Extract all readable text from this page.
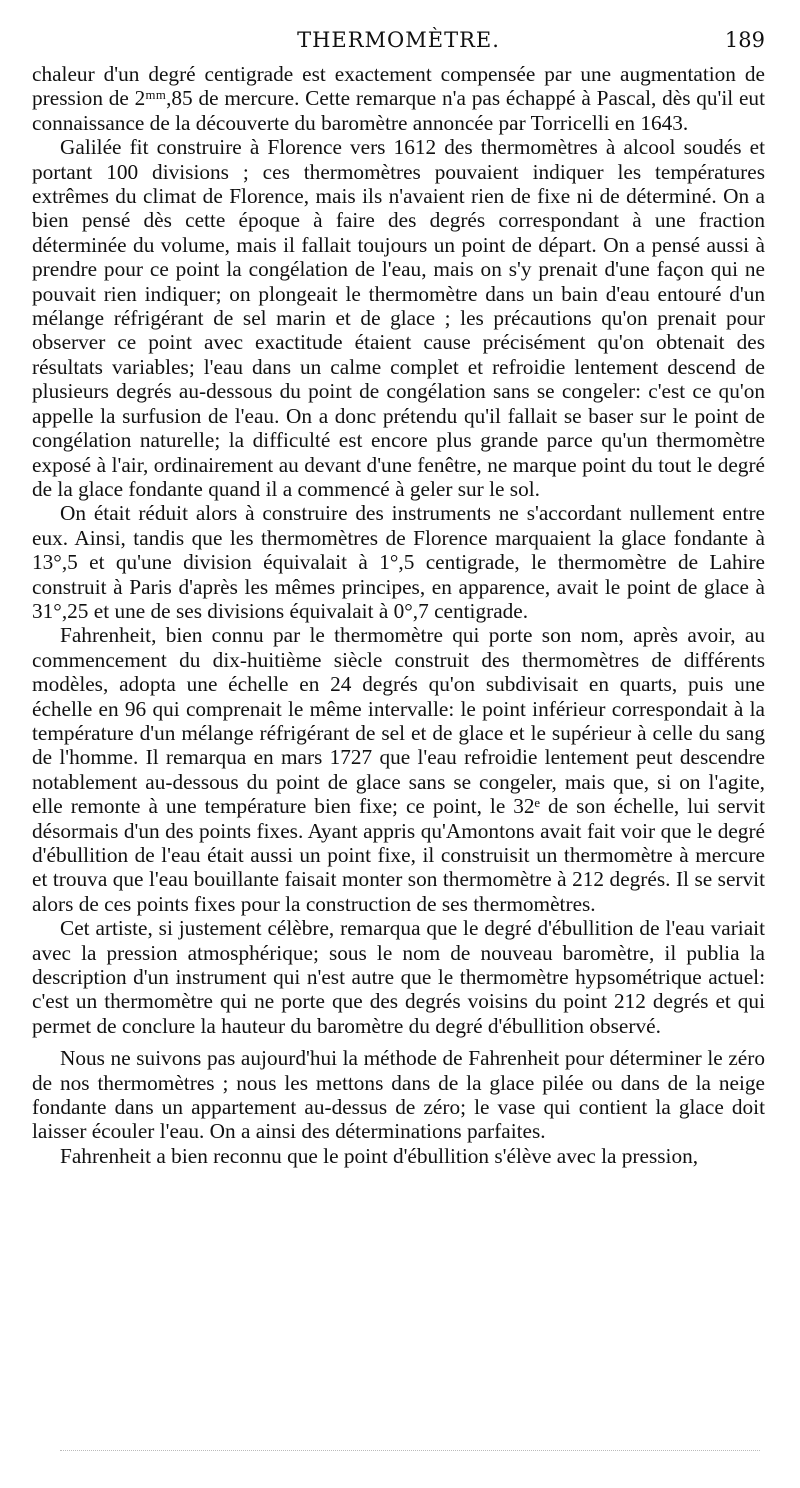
THERMOMÈTRE.	189

chaleur d'un degré centigrade est exactement compensée par une augmentation de pression de 2ᵐᵐ,85 de mercure. Cette remarque n'a pas échappé à Pascal, dès qu'il eut connaissance de la découverte du baromètre annoncée par Torricelli en 1643.

Galilée fit construire à Florence vers 1612 des thermomètres à alcool soudés et portant 100 divisions ; ces thermomètres pouvaient indiquer les températures extrêmes du climat de Florence, mais ils n'avaient rien de fixe ni de déterminé. On a bien pensé dès cette époque à faire des degrés correspondant à une fraction déterminée du volume, mais il fallait toujours un point de départ. On a pensé aussi à prendre pour ce point la congélation de l'eau, mais on s'y prenait d'une façon qui ne pouvait rien indiquer; on plongeait le thermomètre dans un bain d'eau entouré d'un mélange réfrigérant de sel marin et de glace ; les précautions qu'on prenait pour observer ce point avec exactitude étaient cause précisément qu'on obtenait des résultats variables; l'eau dans un calme complet et refroidie lentement descend de plusieurs degrés au-dessous du point de congélation sans se congeler: c'est ce qu'on appelle la surfusion de l'eau. On a donc prétendu qu'il fallait se baser sur le point de congélation naturelle; la difficulté est encore plus grande parce qu'un thermomètre exposé à l'air, ordinairement au devant d'une fenêtre, ne marque point du tout le degré de la glace fondante quand il a commencé à geler sur le sol.

On était réduit alors à construire des instruments ne s'accordant nullement entre eux. Ainsi, tandis que les thermomètres de Florence marquaient la glace fondante à 13°,5 et qu'une division équivalait à 1°,5 centigrade, le thermomètre de Lahire construit à Paris d'après les mêmes principes, en apparence, avait le point de glace à 31°,25 et une de ses divisions équivalait à 0°,7 centigrade.

Fahrenheit, bien connu par le thermomètre qui porte son nom, après avoir, au commencement du dix-huitième siècle construit des thermomètres de différents modèles, adopta une échelle en 24 degrés qu'on subdivisait en quarts, puis une échelle en 96 qui comprenait le même intervalle: le point inférieur correspondait à la température d'un mélange réfrigérant de sel et de glace et le supérieur à celle du sang de l'homme. Il remarqua en mars 1727 que l'eau refroidie lentement peut descendre notablement au-dessous du point de glace sans se congeler, mais que, si on l'agite, elle remonte à une température bien fixe; ce point, le 32ᵉ de son échelle, lui servit désormais d'un des points fixes. Ayant appris qu'Amontons avait fait voir que le degré d'ébullition de l'eau était aussi un point fixe, il construisit un thermomètre à mercure et trouva que l'eau bouillante faisait monter son thermomètre à 212 degrés. Il se servit alors de ces points fixes pour la construction de ses thermomètres.

Cet artiste, si justement célèbre, remarqua que le degré d'ébullition de l'eau variait avec la pression atmosphérique; sous le nom de nouveau baromètre, il publia la description d'un instrument qui n'est autre que le thermomètre hypsométrique actuel: c'est un thermomètre qui ne porte que des degrés voisins du point 212 degrés et qui permet de conclure la hauteur du baromètre du degré d'ébullition observé.

Nous ne suivons pas aujourd'hui la méthode de Fahrenheit pour déterminer le zéro de nos thermomètres ; nous les mettons dans de la glace pilée ou dans de la neige fondante dans un appartement au-dessus de zéro; le vase qui contient la glace doit laisser écouler l'eau. On a ainsi des déterminations parfaites.

Fahrenheit a bien reconnu que le point d'ébullition s'élève avec la pression,
